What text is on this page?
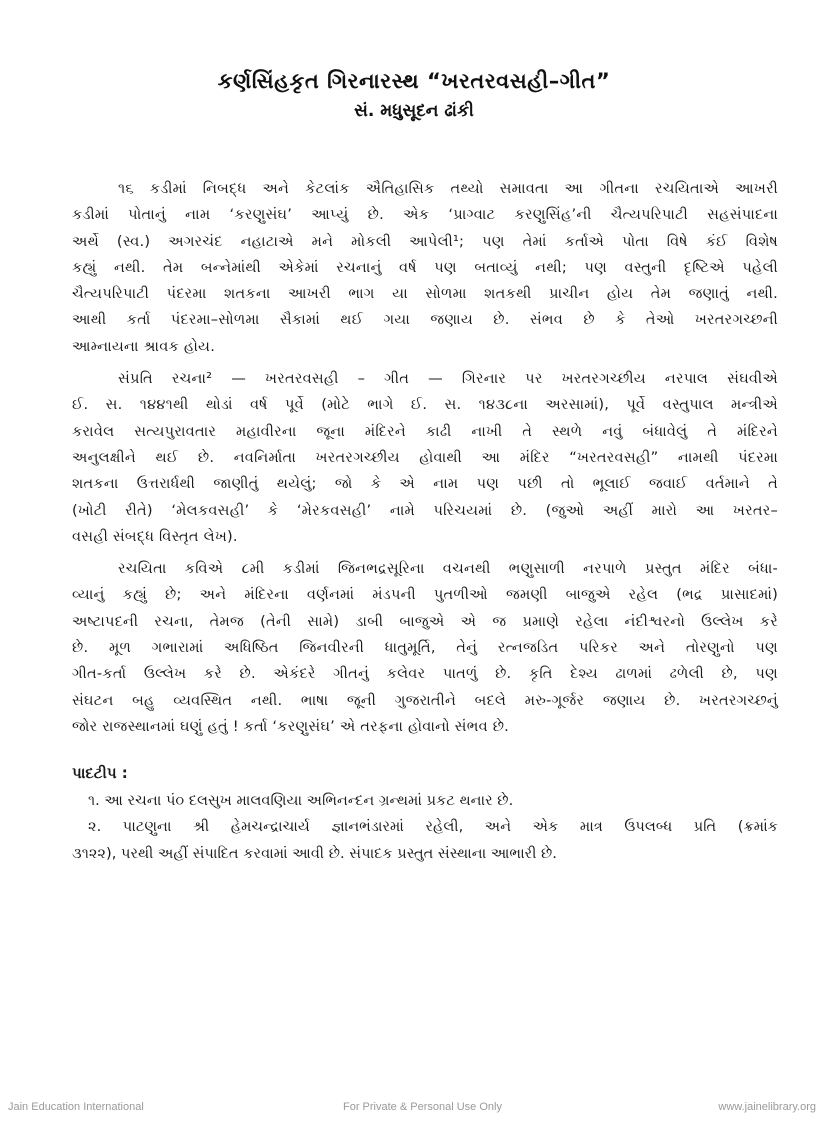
કર્ણસિંહકૃત ગિરનારસ્થ “ખરતરવસહી–ગીત”
સં. મધુસૂદન ઢાંકી
૧૬ કડીમાં નિબદ્ધ અને કેટલાંક ઐતિહાસિક તથ્યો સમાવતા આ ગીતના રચયિતાએ આખરી
કડીમાં પોતાનું નામ ‘કરણુસંઘ’ આપ્યું છે. એક ‘પ્રાગ્વાટ કરણુસિંહ’ની ચૈત્યપરિપાટી સહસંપાદના
અર્થે (સ્વ.) અગરચંદ નહાટાએ મને મોકલી આપેલી¹; પણ તેમાં કર્તાએ પોતા વિષે કંઈ વિશેષ
કહ્યું નથી. તેમ બન્નેમાંથી એકેમાં રચનાનું વર્ષ પણ બતાવ્યું નથી; પણ વસ્તુની દૃષ્ટિએ પહેલી
ચૈત્યપરિપાટી પંદરમા શતકના આખરી ભાગ યા સોળમા શતકથી પ્રાચીન હોય તેમ જણાતું નથી.
આથી કર્તા પંદરમા–સોળમા સૈકામાં થઈ ગયા જણાય છે. સંભવ છે કે તેઓ ખરતરગચ્છની
આમ્નાયના શ્રાવક હોય.
સંપ્રતિ રચના² — ખરતરવસહી – ગીત — ગિરનાર પર ખરતરગચ્છીય નરપાલ સંઘવીએ
ઈ. સ. ૧૪૪૧થી થોડાં વર્ષ પૂર્વે (મોટે ભાગે ઈ. સ. ૧૪૩૮ના અરસામાં), પૂર્વે વસ્તુપાલ મન્ત્રીએ
કરાવેલ સત્યપુરાવતાર મહાવીરના જૂના મંદિરને કાઢી નાખી તે સ્થળે નવું બંધાવેલું તે મંદિરને
અનુલક્ષીને થઈ છે. નવનિર્માતા ખરતરગચ્છીય હોવાથી આ મંદિર “ખરતરવસહી” નામથી પંદરમા
શતકના ઉત્તરાર્ધથી જાણીતું થયેલું; જો કે એ નામ પણ પછી તો ભૂલાઈ જવાઈ વર્તમાને તે
(ખોટી રીતે) ‘મેલકવસહી’ કે ‘મેરકવસહી’ નામે પરિચયમાં છે. (જુઓ અહીં મારો આ ખરતર–
વસહી સંબદ્ધ વિસ્તૃત લેખ).
રચયિતા કવિએ ૮મી કડીમાં જિનભદ્રસૂરિના વચનથી ભણુસાળી નરપાળે પ્રસ્તુત મંદિર બંધા-
વ્યાનું કહ્યું છે; અને મંદિરના વર્ણનમાં મંડપની પુતળીઓ જમણી બાજુએ રહેલ (ભદ્ર પ્રાસાદમાં)
અષ્ટાપદની રચના, તેમજ (તેની સામે) ડાબી બાજુએ એ જ પ્રમાણે રહેલા નંદીશ્વરનો ઉલ્લેખ કરે
છે. મૂળ ગભારામાં અધિષ્ઠિત જિનવીરની ધાતુમૂર્તિ, તેનું રત્નજડિત પરિકર અને તોરણુનો પણ
ગીત-કર્તા ઉલ્લેખ કરે છે. એકંદરે ગીતનું કલેવર પાતળું છે. કૃતિ દેશ્ય ઢાળમાં ઢળેલી છે, પણ
સંઘટન બહુ વ્યવસ્થિત નથી. ભાષા જૂની ગુજરાતીને બદલે મરુ-ગૂર્જર જણાય છે. ખરતરગચ્છનું
જોર રાજસ્થાનમાં ઘણું હતું ! કર્તા ‘કરણુસંઘ’ એ તરફના હોવાનો સંભવ છે.
પાદટીપ :
૧. આ રચના પં૦ દલસુખ માલવણિયા અભિનન્દન ગ્રન્થમાં પ્રકટ થનાર છે.
૨. પાટણુના શ્રી હેમચન્દ્રાચાર્ય જ્ઞાનભંડારમાં રહેલી, અને એક માત્ર ઉપલબ્ધ પ્રતિ (ક્રમાંક
૩૧૨૨), પરથી અહીં સંપાદિત કરવામાં આવી છે. સંપાદક પ્રસ્તુત સંસ્થાના આભારી છે.
Jain Education International	For Private & Personal Use Only	www.jainelibrary.org
